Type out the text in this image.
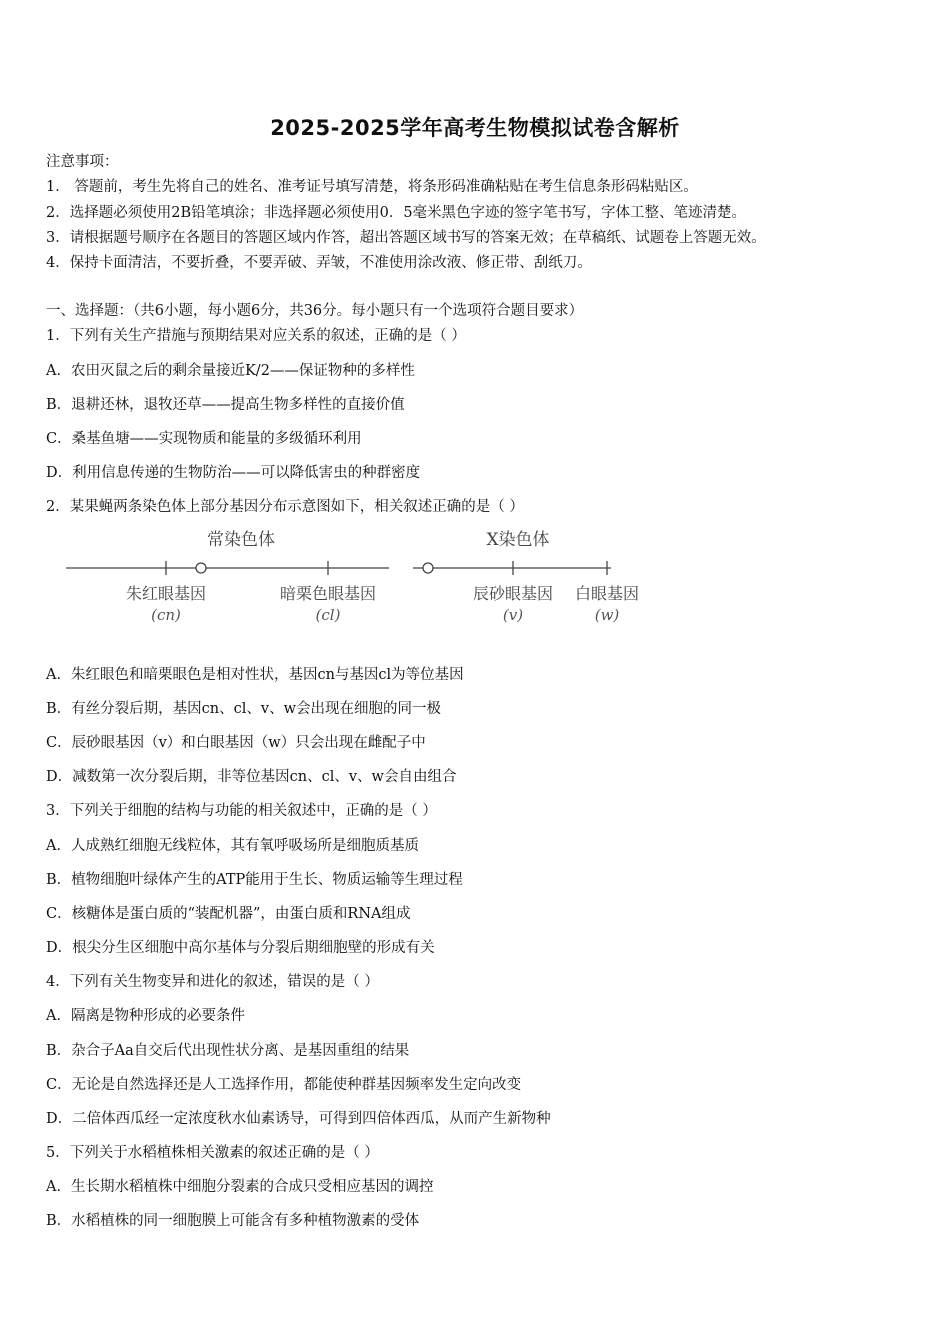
2025-2025学年高考生物模拟试卷含解析
注意事项：
1． 答题前，考生先将自己的姓名、准考证号填写清楚，将条形码准确粘贴在考生信息条形码粘贴区。
2．选择题必须使用2B铅笔填涂；非选择题必须使用0．5毫米黑色字迹的签字笔书写，字体工整、笔迹清楚。
3．请根据题号顺序在各题目的答题区域内作答，超出答题区域书写的答案无效；在草稿纸、试题卷上答题无效。
4．保持卡面清洁，不要折叠，不要弄破、弄皱，不准使用涂改液、修正带、刮纸刀。
一、选择题：（共6小题，每小题6分，共36分。每小题只有一个选项符合题目要求）
1．下列有关生产措施与预期结果对应关系的叙述，正确的是（ ）
A．农田灭鼠之后的剩余量接近K/2——保证物种的多样性
B．退耕还林，退牧还草——提高生物多样性的直接价值
C．桑基鱼塘——实现物质和能量的多级循环利用
D．利用信息传递的生物防治——可以降低害虫的种群密度
2．某果蝇两条染色体上部分基因分布示意图如下，相关叙述正确的是（ ）
常染色体	X染色体
朱红眼基因
(cn)
暗栗色眼基因
(cl)
辰砂眼基因
(v)
白眼基因
(w)
A．朱红眼色和暗栗眼色是相对性状，基因cn与基因cl为等位基因
B．有丝分裂后期，基因cn、cl、v、w会出现在细胞的同一极
C．辰砂眼基因（v）和白眼基因（w）只会出现在雌配子中
D．减数第一次分裂后期，非等位基因cn、cl、v、w会自由组合
3．下列关于细胞的结构与功能的相关叙述中，正确的是（ ）
A．人成熟红细胞无线粒体，其有氧呼吸场所是细胞质基质
B．植物细胞叶绿体产生的ATP能用于生长、物质运输等生理过程
C．核糖体是蛋白质的“装配机器”，由蛋白质和RNA组成
D．根尖分生区细胞中高尔基体与分裂后期细胞壁的形成有关
4．下列有关生物变异和进化的叙述，错误的是（ ）
A．隔离是物种形成的必要条件
B．杂合子Aa自交后代出现性状分离、是基因重组的结果
C．无论是自然选择还是人工选择作用，都能使种群基因频率发生定向改变
D．二倍体西瓜经一定浓度秋水仙素诱导，可得到四倍体西瓜，从而产生新物种
5．下列关于水稻植株相关激素的叙述正确的是（ ）
A．生长期水稻植株中细胞分裂素的合成只受相应基因的调控
B．水稻植株的同一细胞膜上可能含有多种植物激素的受体
